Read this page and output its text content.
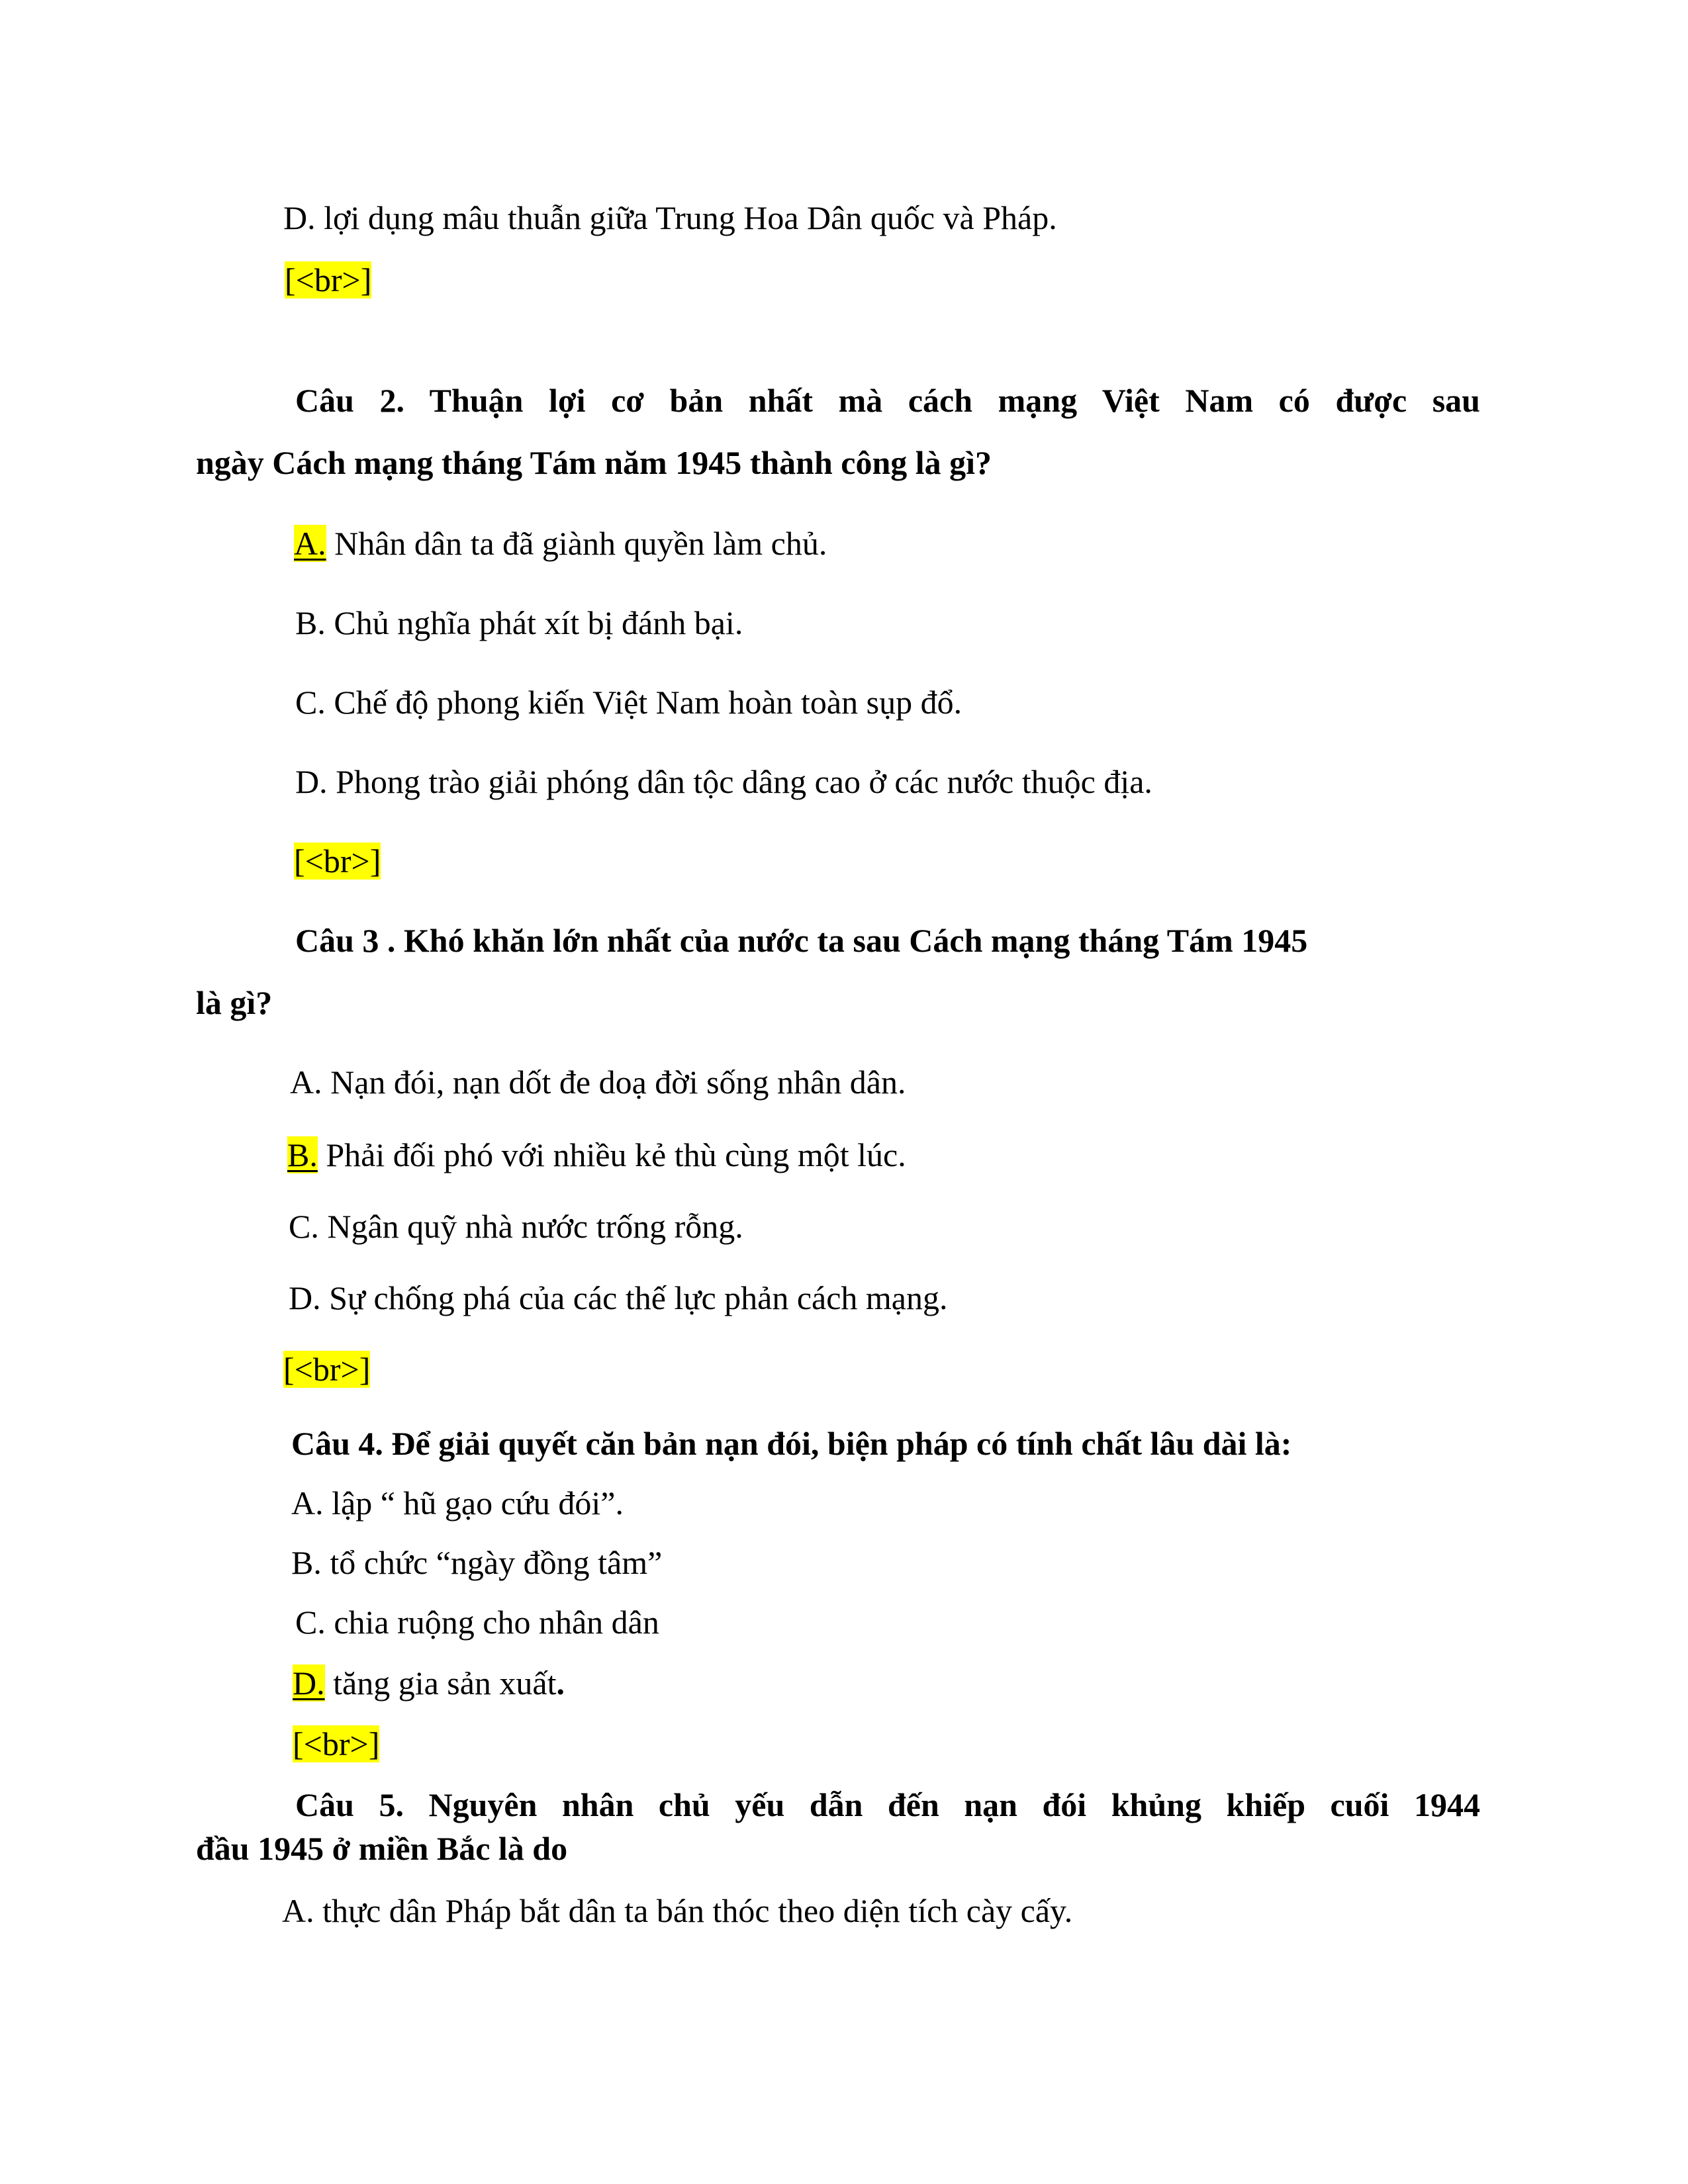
D. lợi dụng mâu thuẫn giữa Trung Hoa Dân quốc và Pháp.
[<br>]
Câu 2. Thuận lợi cơ bản nhất mà cách mạng Việt Nam có được sau
ngày Cách mạng tháng Tám năm 1945 thành công là gì?
A. Nhân dân ta đã giành quyền làm chủ.
B. Chủ nghĩa phát xít bị đánh bại.
C. Chế độ phong kiến Việt Nam hoàn toàn sụp đổ.
D. Phong trào giải phóng dân tộc dâng cao ở các nước thuộc địa.
[<br>]
Câu 3 . Khó khăn lớn nhất của nước ta sau Cách mạng tháng Tám 1945
là gì?
A. Nạn đói, nạn dốt đe doạ đời sống nhân dân.
B. Phải đối phó với nhiều kẻ thù cùng một lúc.
C. Ngân quỹ nhà nước trống rỗng.
D. Sự chống phá của các thế lực phản cách mạng.
[<br>]
Câu 4. Để giải quyết căn bản nạn đói, biện pháp có tính chất lâu dài là:
A. lập “ hũ gạo cứu đói”.
B. tổ chức “ngày đồng tâm”
C. chia ruộng cho nhân dân
D. tăng gia sản xuất.
[<br>]
Câu 5. Nguyên nhân chủ yếu dẫn đến nạn đói khủng khiếp cuối 1944
đầu 1945 ở miền Bắc là do
A. thực dân Pháp bắt dân ta bán thóc theo diện tích cày cấy.
